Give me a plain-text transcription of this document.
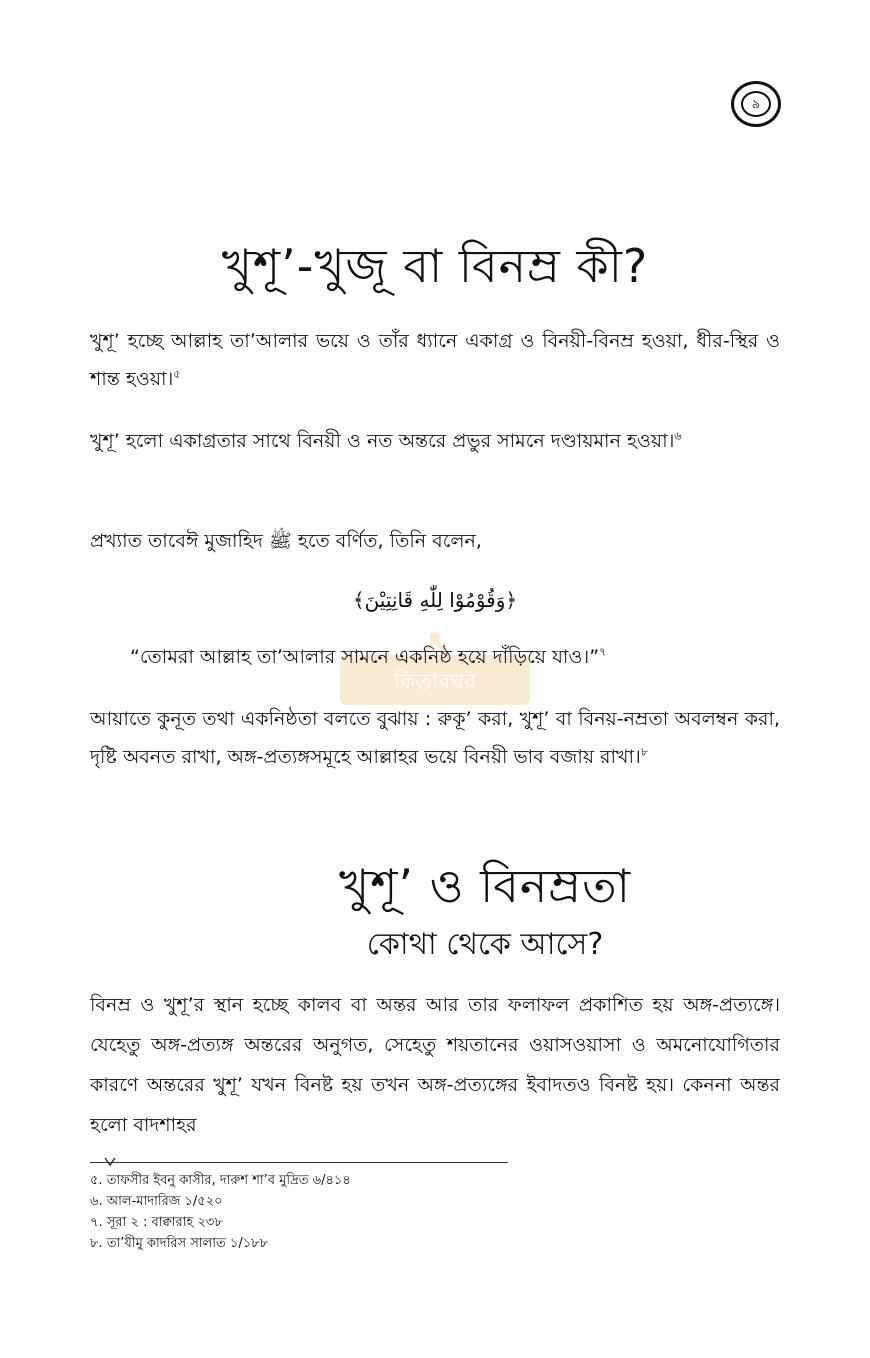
৯
খুশূ’-খুজূ বা বিনম্র কী?

খুশূ’ হচ্ছে আল্লাহ তা’আলার ভয়ে ও তাঁর ধ্যানে একাগ্র ও বিনয়ী-বিনম্র হওয়া, ধীর-স্থির ও শান্ত হওয়া।$^৫$

খুশূ’ হলো একাগ্রতার সাথে বিনয়ী ও নত অন্তরে প্রভুর সামনে দণ্ডায়মান হওয়া।$^৬$

প্রখ্যাত তাবেঈ মুজাহিদ ﷺ হতে বর্ণিত, তিনি বলেন,

﴿وَقُوْمُوْا لِلّٰهِ قَانِتِيْنَ﴾
কিতাবঘর
“তোমরা আল্লাহ তা’আলার সামনে একনিষ্ঠ হয়ে দাঁড়িয়ে যাও।”$^৭$

আয়াতে কুনূত তথা একনিষ্ঠতা বলতে বুঝায় : রুকূ’ করা, খুশূ’ বা বিনয়-নম্রতা অবলম্বন করা, দৃষ্টি অবনত রাখা, অঙ্গ-প্রত্যঙ্গসমূহে আল্লাহর ভয়ে বিনয়ী ভাব বজায় রাখা।$^৮$

খুশূ’ ও বিনম্রতা
কোথা থেকে আসে?

বিনম্র ও খুশূ’র স্থান হচ্ছে কালব বা অন্তর আর তার ফলাফল প্রকাশিত হয় অঙ্গ-প্রত্যঙ্গে। যেহেতু অঙ্গ-প্রত্যঙ্গ অন্তরের অনুগত, সেহেতু শয়তানের ওয়াসওয়াসা ও অমনোযোগিতার কারণে অন্তরের খুশূ’ যখন বিনষ্ট হয় তখন অঙ্গ-প্রত্যঙ্গের ইবাদতও বিনষ্ট হয়। কেননা অন্তর হলো বাদশাহর

৫. তাফসীর ইবনু কাসীর, দারুশ শা’ব মুদ্রিত ৬/৪১৪
৬. আল-মাদারিজ ১/৫২০
৭. সূরা ২ : বাক্বারাহ ২৩৮
৮. তা’যীমু কাদরিস সালাত ১/১৮৮
